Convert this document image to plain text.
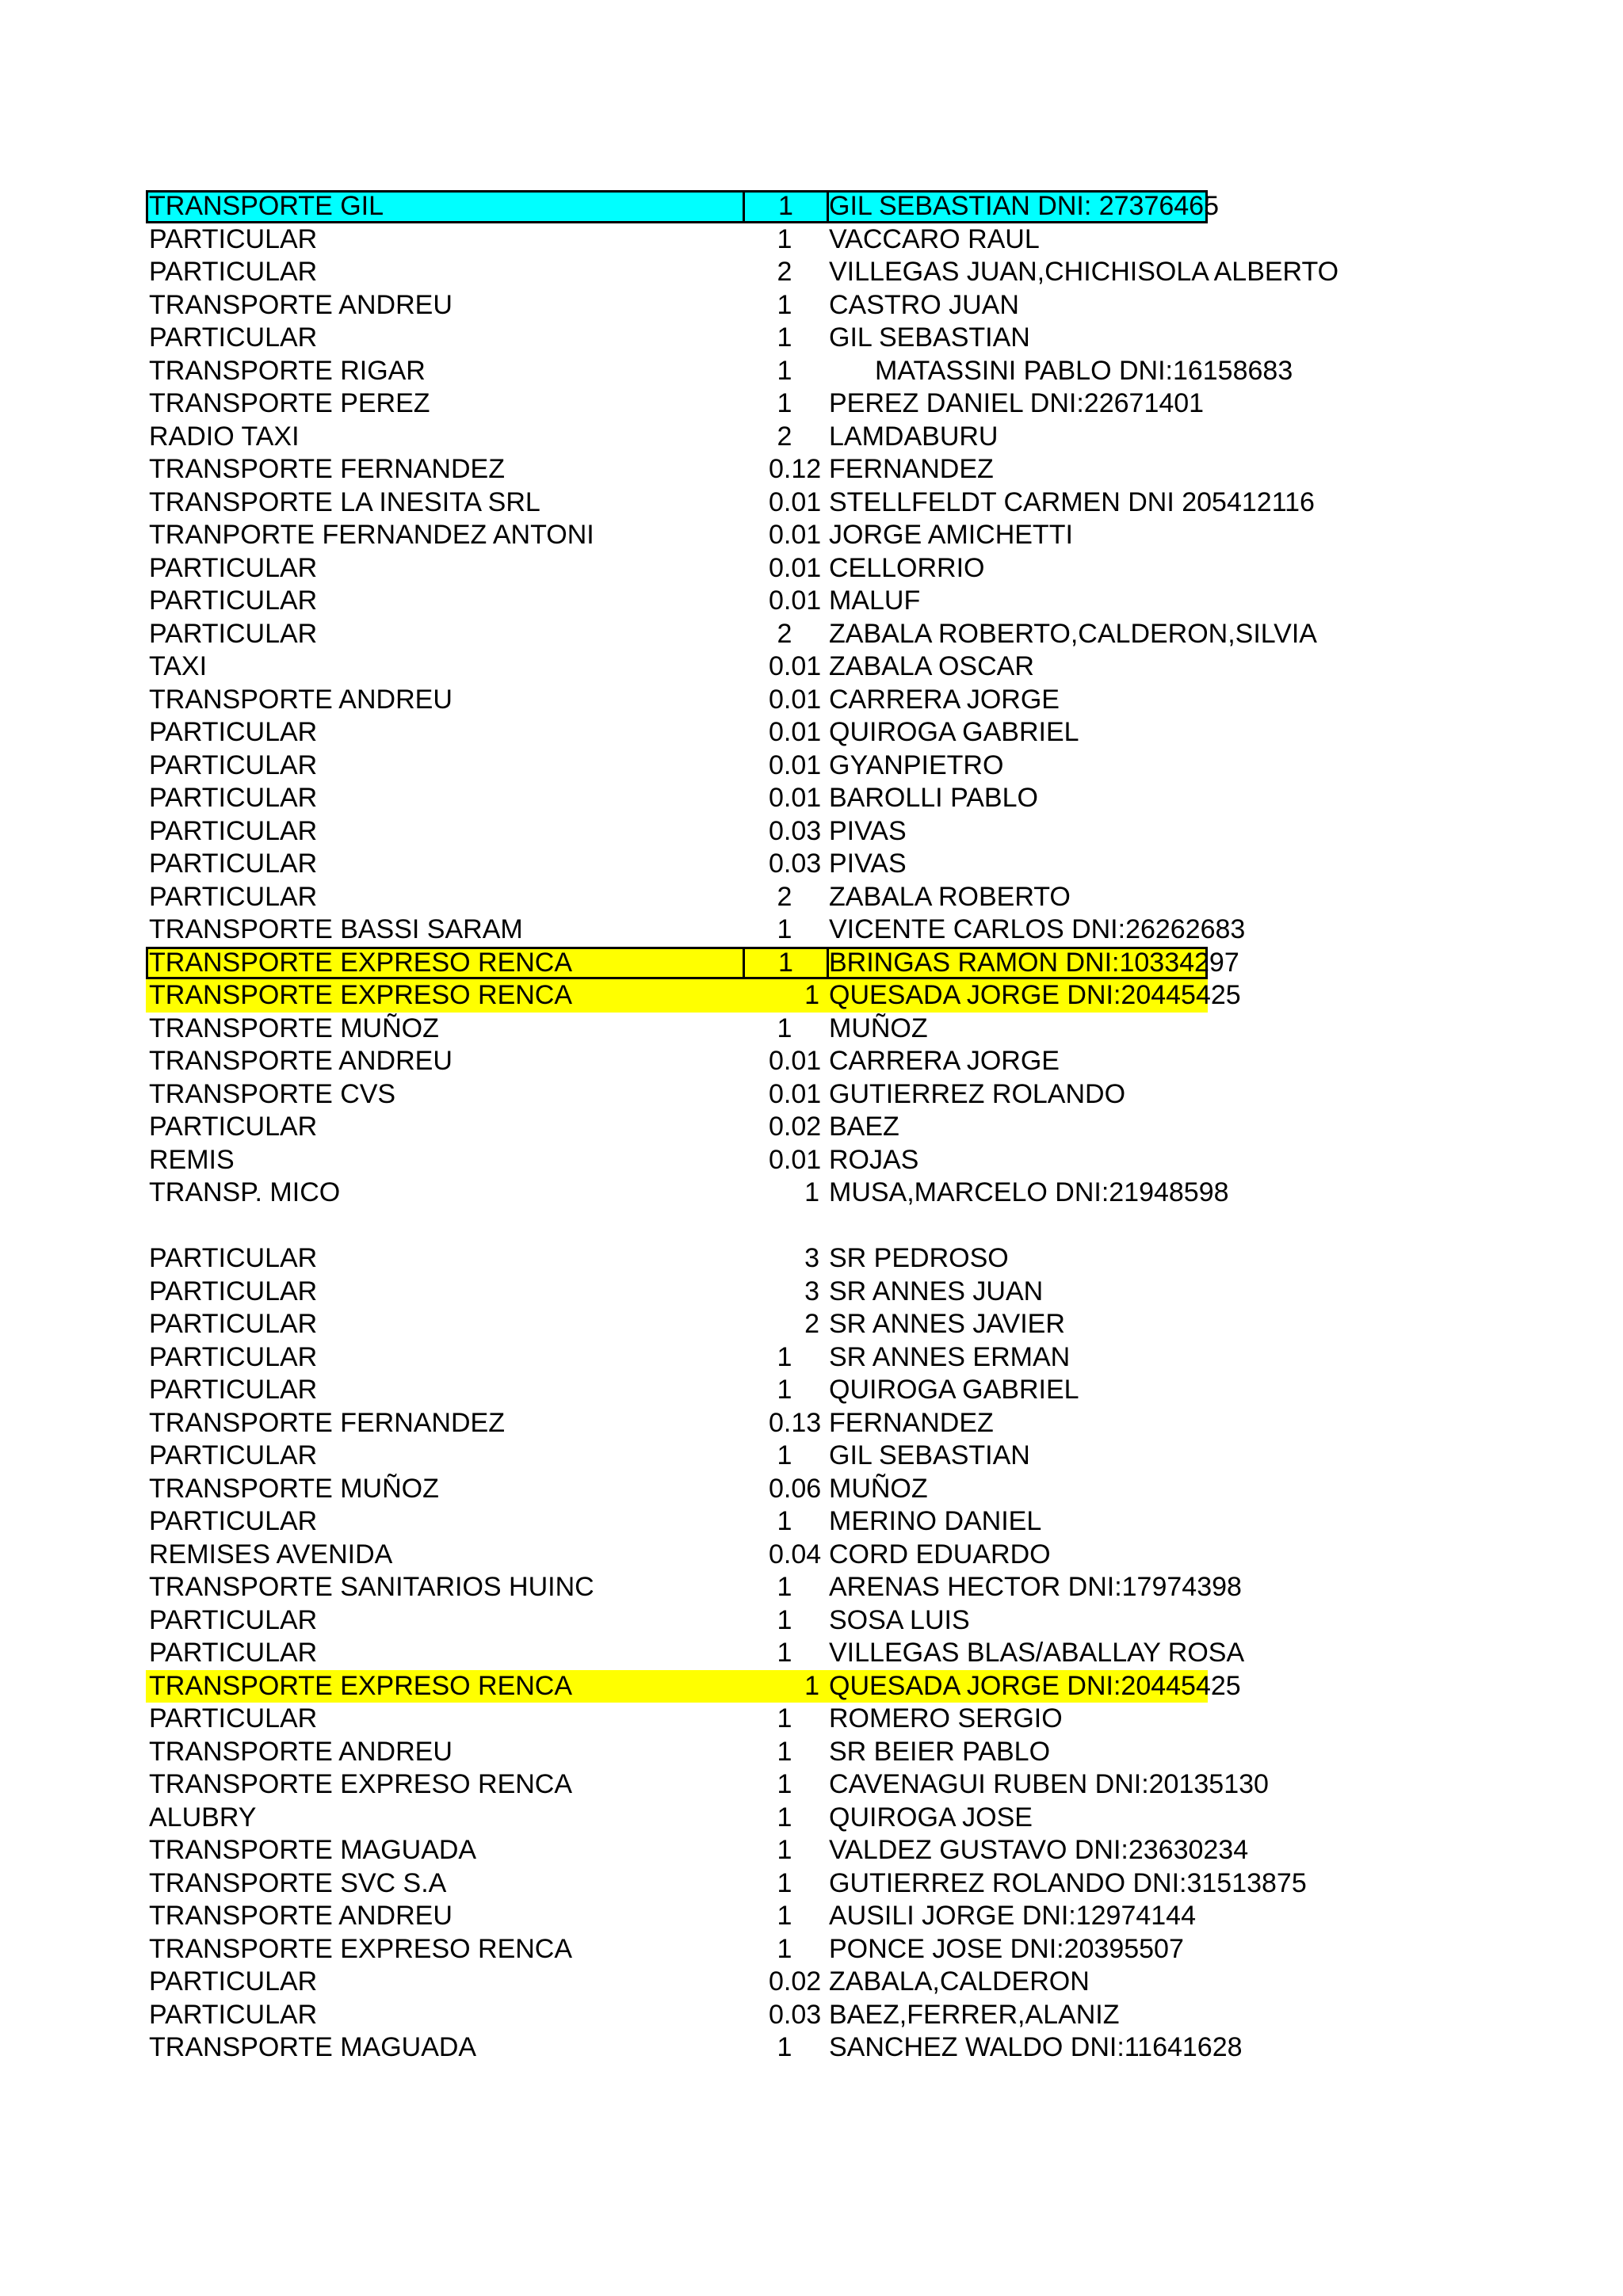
TRANSPORTE GIL	1	GIL SEBASTIAN DNI: 27376465
PARTICULAR	1	VACCARO RAUL
PARTICULAR	2	VILLEGAS JUAN,CHICHISOLA ALBERTO
TRANSPORTE ANDREU	1	CASTRO JUAN
PARTICULAR	1	GIL SEBASTIAN
TRANSPORTE RIGAR	1	MATASSINI PABLO DNI:16158683
TRANSPORTE PEREZ	1	PEREZ DANIEL DNI:22671401
RADIO TAXI	2	LAMDABURU
TRANSPORTE FERNANDEZ	0.12 FERNANDEZ
TRANSPORTE LA INESITA SRL	0.01 STELLFELDT CARMEN DNI 205412116
TRANPORTE FERNANDEZ ANTONI	0.01 JORGE AMICHETTI
PARTICULAR	0.01 CELLORRIO
PARTICULAR	0.01 MALUF
PARTICULAR	2	ZABALA ROBERTO,CALDERON,SILVIA
TAXI	0.01 ZABALA OSCAR
TRANSPORTE ANDREU	0.01 CARRERA JORGE
PARTICULAR	0.01 QUIROGA GABRIEL
PARTICULAR	0.01 GYANPIETRO
PARTICULAR	0.01 BAROLLI PABLO
PARTICULAR	0.03 PIVAS
PARTICULAR	0.03 PIVAS
PARTICULAR	2	ZABALA ROBERTO
TRANSPORTE BASSI SARAM	1	VICENTE CARLOS DNI:26262683
TRANSPORTE EXPRESO RENCA	1	BRINGAS RAMON DNI:10334297
TRANSPORTE EXPRESO RENCA	1 QUESADA JORGE DNI:20445425
TRANSPORTE MUÑOZ	1	MUÑOZ
TRANSPORTE ANDREU	0.01 CARRERA JORGE
TRANSPORTE CVS	0.01 GUTIERREZ ROLANDO
PARTICULAR	0.02 BAEZ
REMIS	0.01 ROJAS
TRANSP. MICO	1 MUSA,MARCELO DNI:21948598
PARTICULAR	3 SR PEDROSO
PARTICULAR	3 SR ANNES JUAN
PARTICULAR	2 SR ANNES JAVIER
PARTICULAR	1	SR ANNES ERMAN
PARTICULAR	1	QUIROGA GABRIEL
TRANSPORTE FERNANDEZ	0.13 FERNANDEZ
PARTICULAR	1	GIL SEBASTIAN
TRANSPORTE MUÑOZ	0.06 MUÑOZ
PARTICULAR	1	MERINO DANIEL
REMISES AVENIDA	0.04 CORD EDUARDO
TRANSPORTE SANITARIOS HUINC	1	ARENAS HECTOR DNI:17974398
PARTICULAR	1	SOSA LUIS
PARTICULAR	1	VILLEGAS BLAS/ABALLAY ROSA
TRANSPORTE EXPRESO RENCA	1 QUESADA JORGE DNI:20445425
PARTICULAR	1	ROMERO SERGIO
TRANSPORTE ANDREU	1	SR BEIER PABLO
TRANSPORTE EXPRESO RENCA	1	CAVENAGUI RUBEN DNI:20135130
ALUBRY	1	QUIROGA JOSE
TRANSPORTE MAGUADA	1	VALDEZ GUSTAVO DNI:23630234
TRANSPORTE SVC S.A	1	GUTIERREZ ROLANDO DNI:31513875
TRANSPORTE ANDREU	1	AUSILI JORGE DNI:12974144
TRANSPORTE EXPRESO RENCA	1	PONCE JOSE DNI:20395507
PARTICULAR	0.02 ZABALA,CALDERON
PARTICULAR	0.03 BAEZ,FERRER,ALANIZ
TRANSPORTE MAGUADA	1	SANCHEZ WALDO DNI:11641628
